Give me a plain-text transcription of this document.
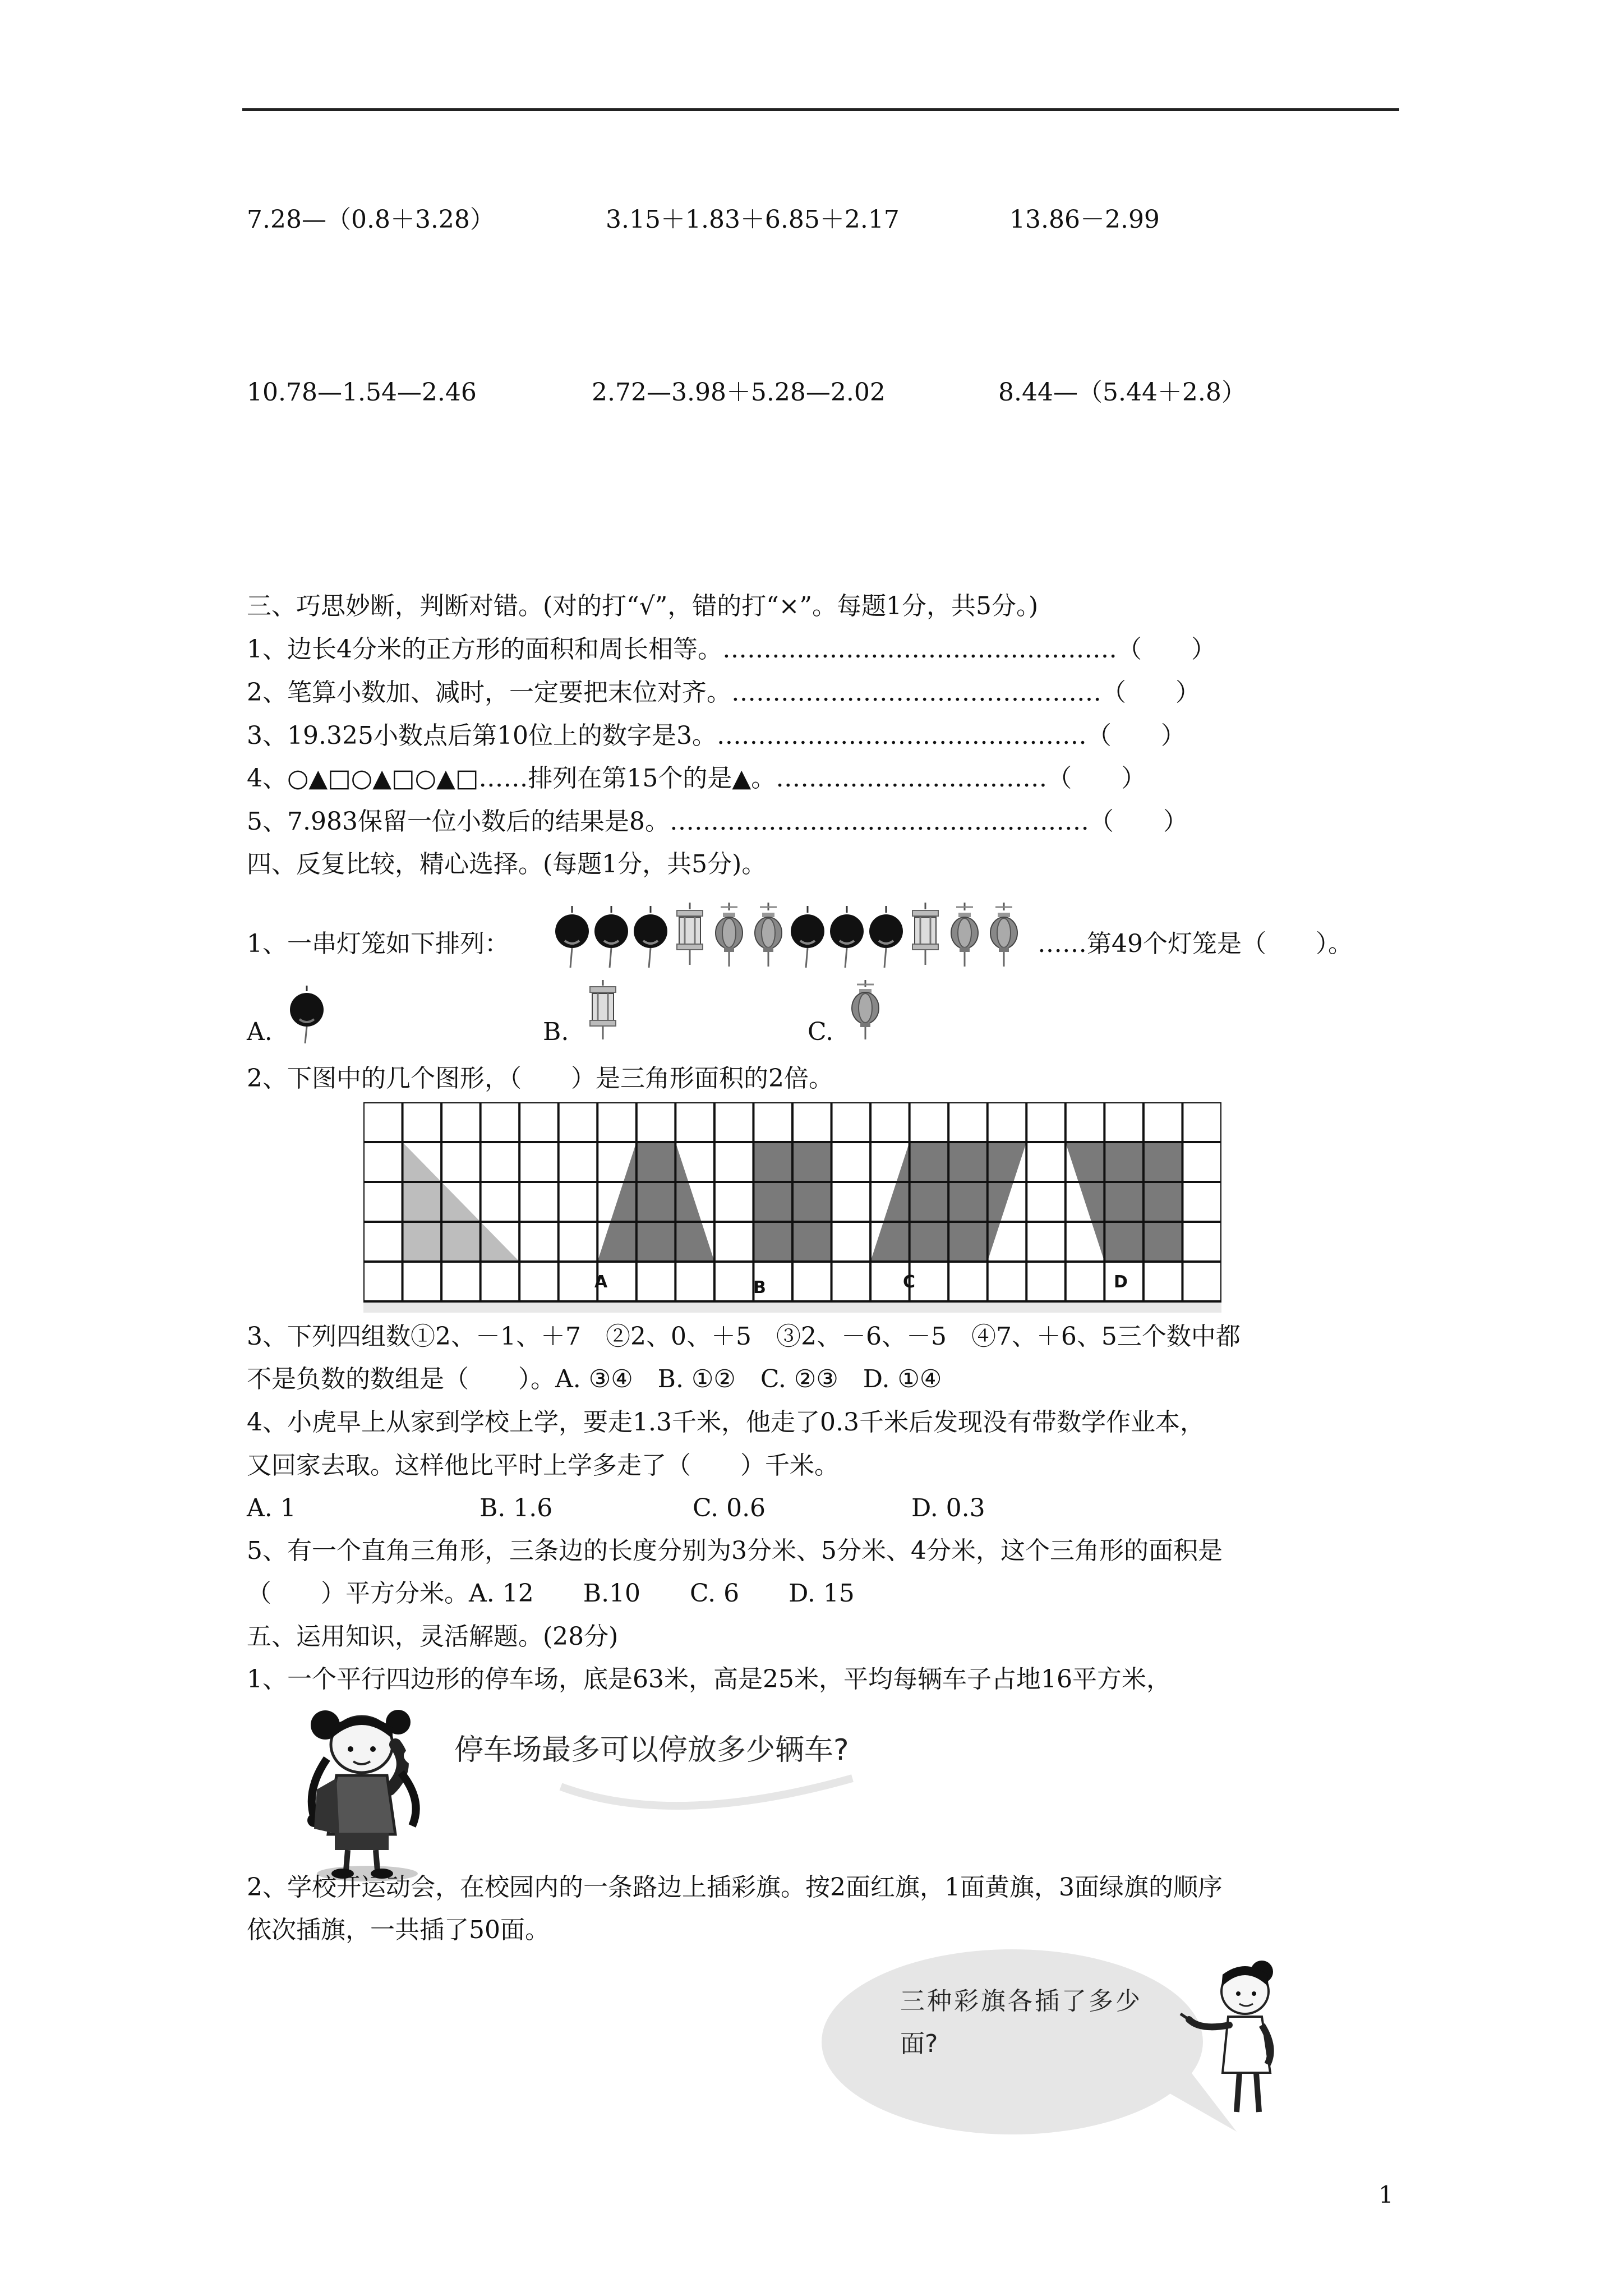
7.28—（0.8＋3.28）	3.15＋1.83＋6.85＋2.17	13.86－2.99
10.78—1.54—2.46	2.72—3.98＋5.28—2.02	8.44—（5.44＋2.8）
三、巧思妙断，判断对错。(对的打“√”，错的打“×”。每题1分，共5分。)
1、边长4分米的正方形的面积和周长相等。…………………………………………（　　）
2、笔算小数加、减时，一定要把末位对齐。………………………………………（　　）
3、19.325小数点后第10位上的数字是3。………………………………………（　　）
4、○▲□○▲□○▲□……排列在第15个的是▲。……………………………（　　）
5、7.983保留一位小数后的结果是8。……………………………………………（　　）
四、反复比较，精心选择。(每题1分，共5分)。
1、一串灯笼如下排列：	……第49个灯笼是（　　）。
A.	B.	C.
2、下图中的几个图形，（　　）是三角形面积的2倍。
A	B	C	D
3、下列四组数①2、－1、＋7　②2、0、＋5　③2、－6、－5　④7、＋6、5三个数中都
不是负数的数组是（　　）。A. ③④　B. ①②　C. ②③　D. ①④
4、小虎早上从家到学校上学，要走1.3千米，他走了0.3千米后发现没有带数学作业本，
又回家去取。这样他比平时上学多走了（　　）千米。
A. 1	B. 1.6	C. 0.6	D. 0.3
5、有一个直角三角形，三条边的长度分别为3分米、5分米、4分米，这个三角形的面积是
（　　）平方分米。A. 12　　B.10　　C. 6　　D. 15
五、运用知识，灵活解题。(28分)
1、一个平行四边形的停车场，底是63米，高是25米，平均每辆车子占地16平方米，
停车场最多可以停放多少辆车?
2、学校开运动会，在校园内的一条路边上插彩旗。按2面红旗，1面黄旗，3面绿旗的顺序
依次插旗，一共插了50面。
三种彩旗各插了多少
面?
1
